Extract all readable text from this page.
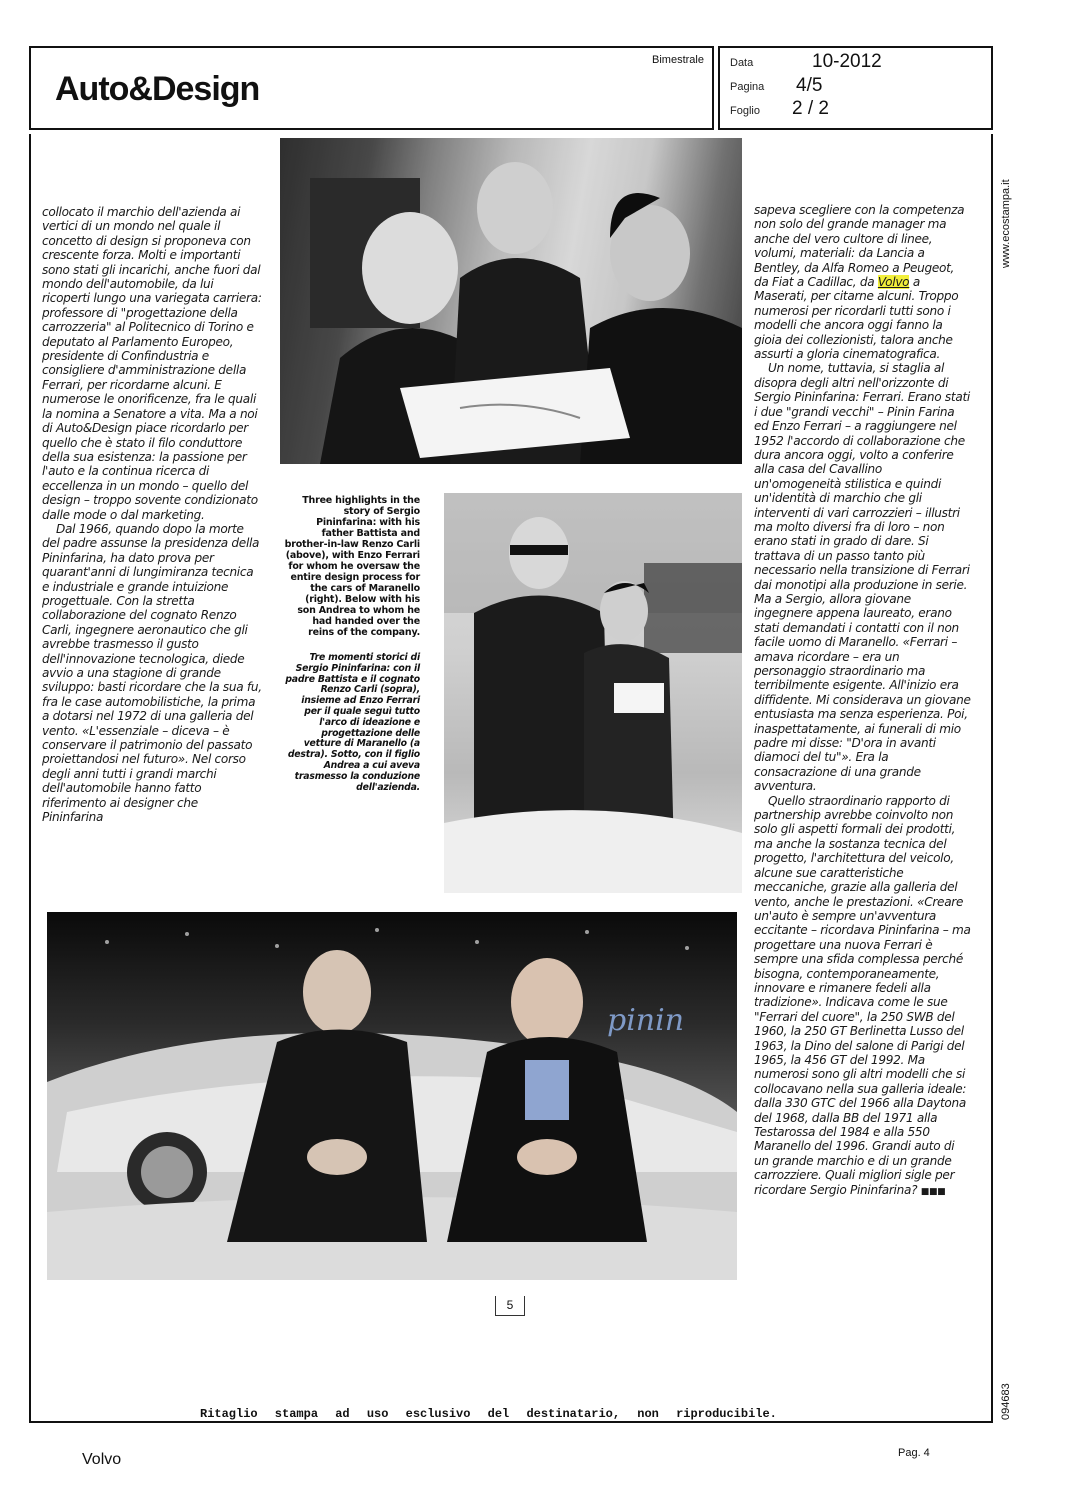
Auto&Design
Bimestrale Data	10-2012
Pagina 4/5
Foglio 2 / 2
www.ecostampa.it
094683
pinin

collocato il marchio dell'azienda ai vertici di un mondo nel quale il concetto di design si proponeva con crescente forza. Molti e importanti sono stati gli incarichi, anche fuori dal mondo dell'automobile, da lui ricoperti lungo una variegata carriera: professore di "progettazione della carrozzeria" al Politecnico di Torino e deputato al Parlamento Europeo, presidente di Confindustria e consigliere d'amministrazione della Ferrari, per ricordarne alcuni. E numerose le onorificenze, fra le quali la nomina a Senatore a vita. Ma a noi di Auto&Design piace ricordarlo per quello che è stato il filo conduttore della sua esistenza: la passione per l'auto e la continua ricerca di eccellenza in un mondo – quello del design – troppo sovente condizionato dalle mode o dal marketing.

Dal 1966, quando dopo la morte del padre assunse la presidenza della Pininfarina, ha dato prova per quarant'anni di lungimiranza tecnica e industriale e grande intuizione progettuale. Con la stretta collaborazione del cognato Renzo Carli, ingegnere aeronautico che gli avrebbe trasmesso il gusto dell'innovazione tecnologica, diede avvio a una stagione di grande sviluppo: basti ricordare che la sua fu, fra le case automobilistiche, la prima a dotarsi nel 1972 di una galleria del vento. «L'essenziale – diceva – è conservare il patrimonio del passato proiettandosi nel futuro». Nel corso degli anni tutti i grandi marchi dell'automobile hanno fatto riferimento ai designer che Pininfarina

Three highlights in the story of Sergio Pininfarina: with his father Battista and brother-in-law Renzo Carli (above), with Enzo Ferrari for whom he oversaw the entire design process for the cars of Maranello (right). Below with his son Andrea to whom he had handed over the reins of the company.
Tre momenti storici di Sergio Pininfarina: con il padre Battista e il cognato Renzo Carli (sopra), insieme ad Enzo Ferrari per il quale seguì tutto l'arco di ideazione e progettazione delle vetture di Maranello (a destra). Sotto, con il figlio Andrea a cui aveva trasmesso la conduzione dell'azienda.

sapeva scegliere con la competenza non solo del grande manager ma anche del vero cultore di linee, volumi, materiali: da Lancia a Bentley, da Alfa Romeo a Peugeot, da Fiat a Cadillac, da Volvo a Maserati, per citarne alcuni. Troppo numerosi per ricordarli tutti sono i modelli che ancora oggi fanno la gioia dei collezionisti, talora anche assurti a gloria cinematografica.

Un nome, tuttavia, si staglia al disopra degli altri nell'orizzonte di Sergio Pininfarina: Ferrari. Erano stati i due "grandi vecchi" – Pinin Farina ed Enzo Ferrari – a raggiungere nel 1952 l'accordo di collaborazione che dura ancora oggi, volto a conferire alla casa del Cavallino un'omogeneità stilistica e quindi un'identità di marchio che gli interventi di vari carrozzieri – illustri ma molto diversi fra di loro – non erano stati in grado di dare. Si trattava di un passo tanto più necessario nella transizione di Ferrari dai monotipi alla produzione in serie. Ma a Sergio, allora giovane ingegnere appena laureato, erano stati demandati i contatti con il non facile uomo di Maranello. «Ferrari – amava ricordare – era un personaggio straordinario ma terribilmente esigente. All'inizio era diffidente. Mi considerava un giovane entusiasta ma senza esperienza. Poi, inaspettatamente, ai funerali di mio padre mi disse: "D'ora in avanti diamoci del tu"». Era la consacrazione di una grande avventura.

Quello straordinario rapporto di partnership avrebbe coinvolto non solo gli aspetti formali dei prodotti, ma anche la sostanza tecnica del progetto, l'architettura del veicolo, alcune sue caratteristiche meccaniche, grazie alla galleria del vento, anche le prestazioni. «Creare un'auto è sempre un'avventura eccitante – ricordava Pininfarina – ma progettare una nuova Ferrari è sempre una sfida complessa perché bisogna, contemporaneamente, innovare e rimanere fedeli alla tradizione». Indicava come le sue "Ferrari del cuore", la 250 SWB del 1960, la 250 GT Berlinetta Lusso del 1963, la Dino del salone di Parigi del 1965, la 456 GT del 1992. Ma numerosi sono gli altri modelli che si collocavano nella sua galleria ideale: dalla 330 GTC del 1966 alla Daytona del 1968, dalla BB del 1971 alla Testarossa del 1984 e alla 550 Maranello del 1996. Grandi auto di un grande marchio e di un grande carrozziere. Quali migliori sigle per ricordare Sergio Pininfarina? ■■■

5
Ritaglio stampa ad uso esclusivo del destinatario, non riproducibile.
Volvo	Pag. 4
